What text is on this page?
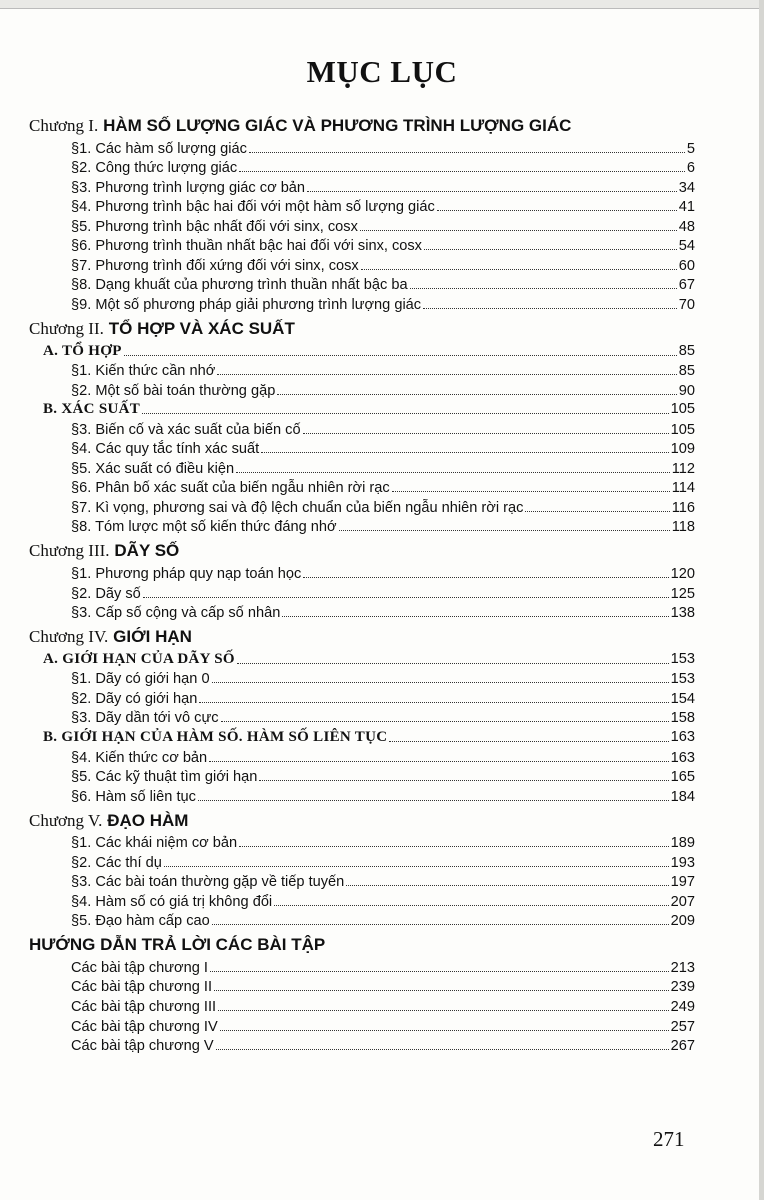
MỤC LỤC
Chương I. HÀM SỐ LƯỢNG GIÁC VÀ PHƯƠNG TRÌNH LƯỢNG GIÁC
§1. Các hàm số lượng giác	5
§2. Công thức lượng giác	6
§3. Phương trình lượng giác cơ bản	34
§4. Phương trình bậc hai đối với một hàm số lượng giác	41
§5. Phương trình bậc nhất đối với sinx, cosx	48
§6. Phương trình thuần nhất bậc hai đối với sinx, cosx	54
§7. Phương trình đối xứng đối với sinx, cosx	60
§8. Dạng khuất của phương trình thuần nhất bậc ba	67
§9. Một số phương pháp giải phương trình lượng giác	70
Chương II. TỔ HỢP VÀ XÁC SUẤT
A. TỔ HỢP	85
§1. Kiến thức cần nhớ	85
§2. Một số bài toán thường gặp	90
B. XÁC SUẤT	105
§3. Biến cố và xác suất của biến cố	105
§4. Các quy tắc tính xác suất	109
§5. Xác suất có điều kiện	112
§6. Phân bố xác suất của biến ngẫu nhiên rời rạc	114
§7. Kì vọng, phương sai và độ lệch chuẩn của biến ngẫu nhiên rời rạc	116
§8. Tóm lược một số kiến thức đáng nhớ	118
Chương III. DÃY SỐ
§1. Phương pháp quy nạp toán học	120
§2. Dãy số	125
§3. Cấp số cộng và cấp số nhân	138
Chương IV. GIỚI HẠN
A. GIỚI HẠN CỦA DÃY SỐ	153
§1. Dãy có giới hạn 0	153
§2. Dãy có giới hạn	154
§3. Dãy dần tới vô cực	158
B. GIỚI HẠN CỦA HÀM SỐ. HÀM SỐ LIÊN TỤC	163
§4. Kiến thức cơ bản	163
§5. Các kỹ thuật tìm giới hạn	165
§6. Hàm số liên tục	184
Chương V. ĐẠO HÀM
§1. Các khái niệm cơ bản	189
§2. Các thí dụ	193
§3. Các bài toán thường gặp về tiếp tuyến	197
§4. Hàm số có giá trị không đổi	207
§5. Đạo hàm cấp cao	209
HƯỚNG DẪN TRẢ LỜI CÁC BÀI TẬP
Các bài tập chương I	213
Các bài tập chương II	239
Các bài tập chương III	249
Các bài tập chương IV	257
Các bài tập chương V	267
271
